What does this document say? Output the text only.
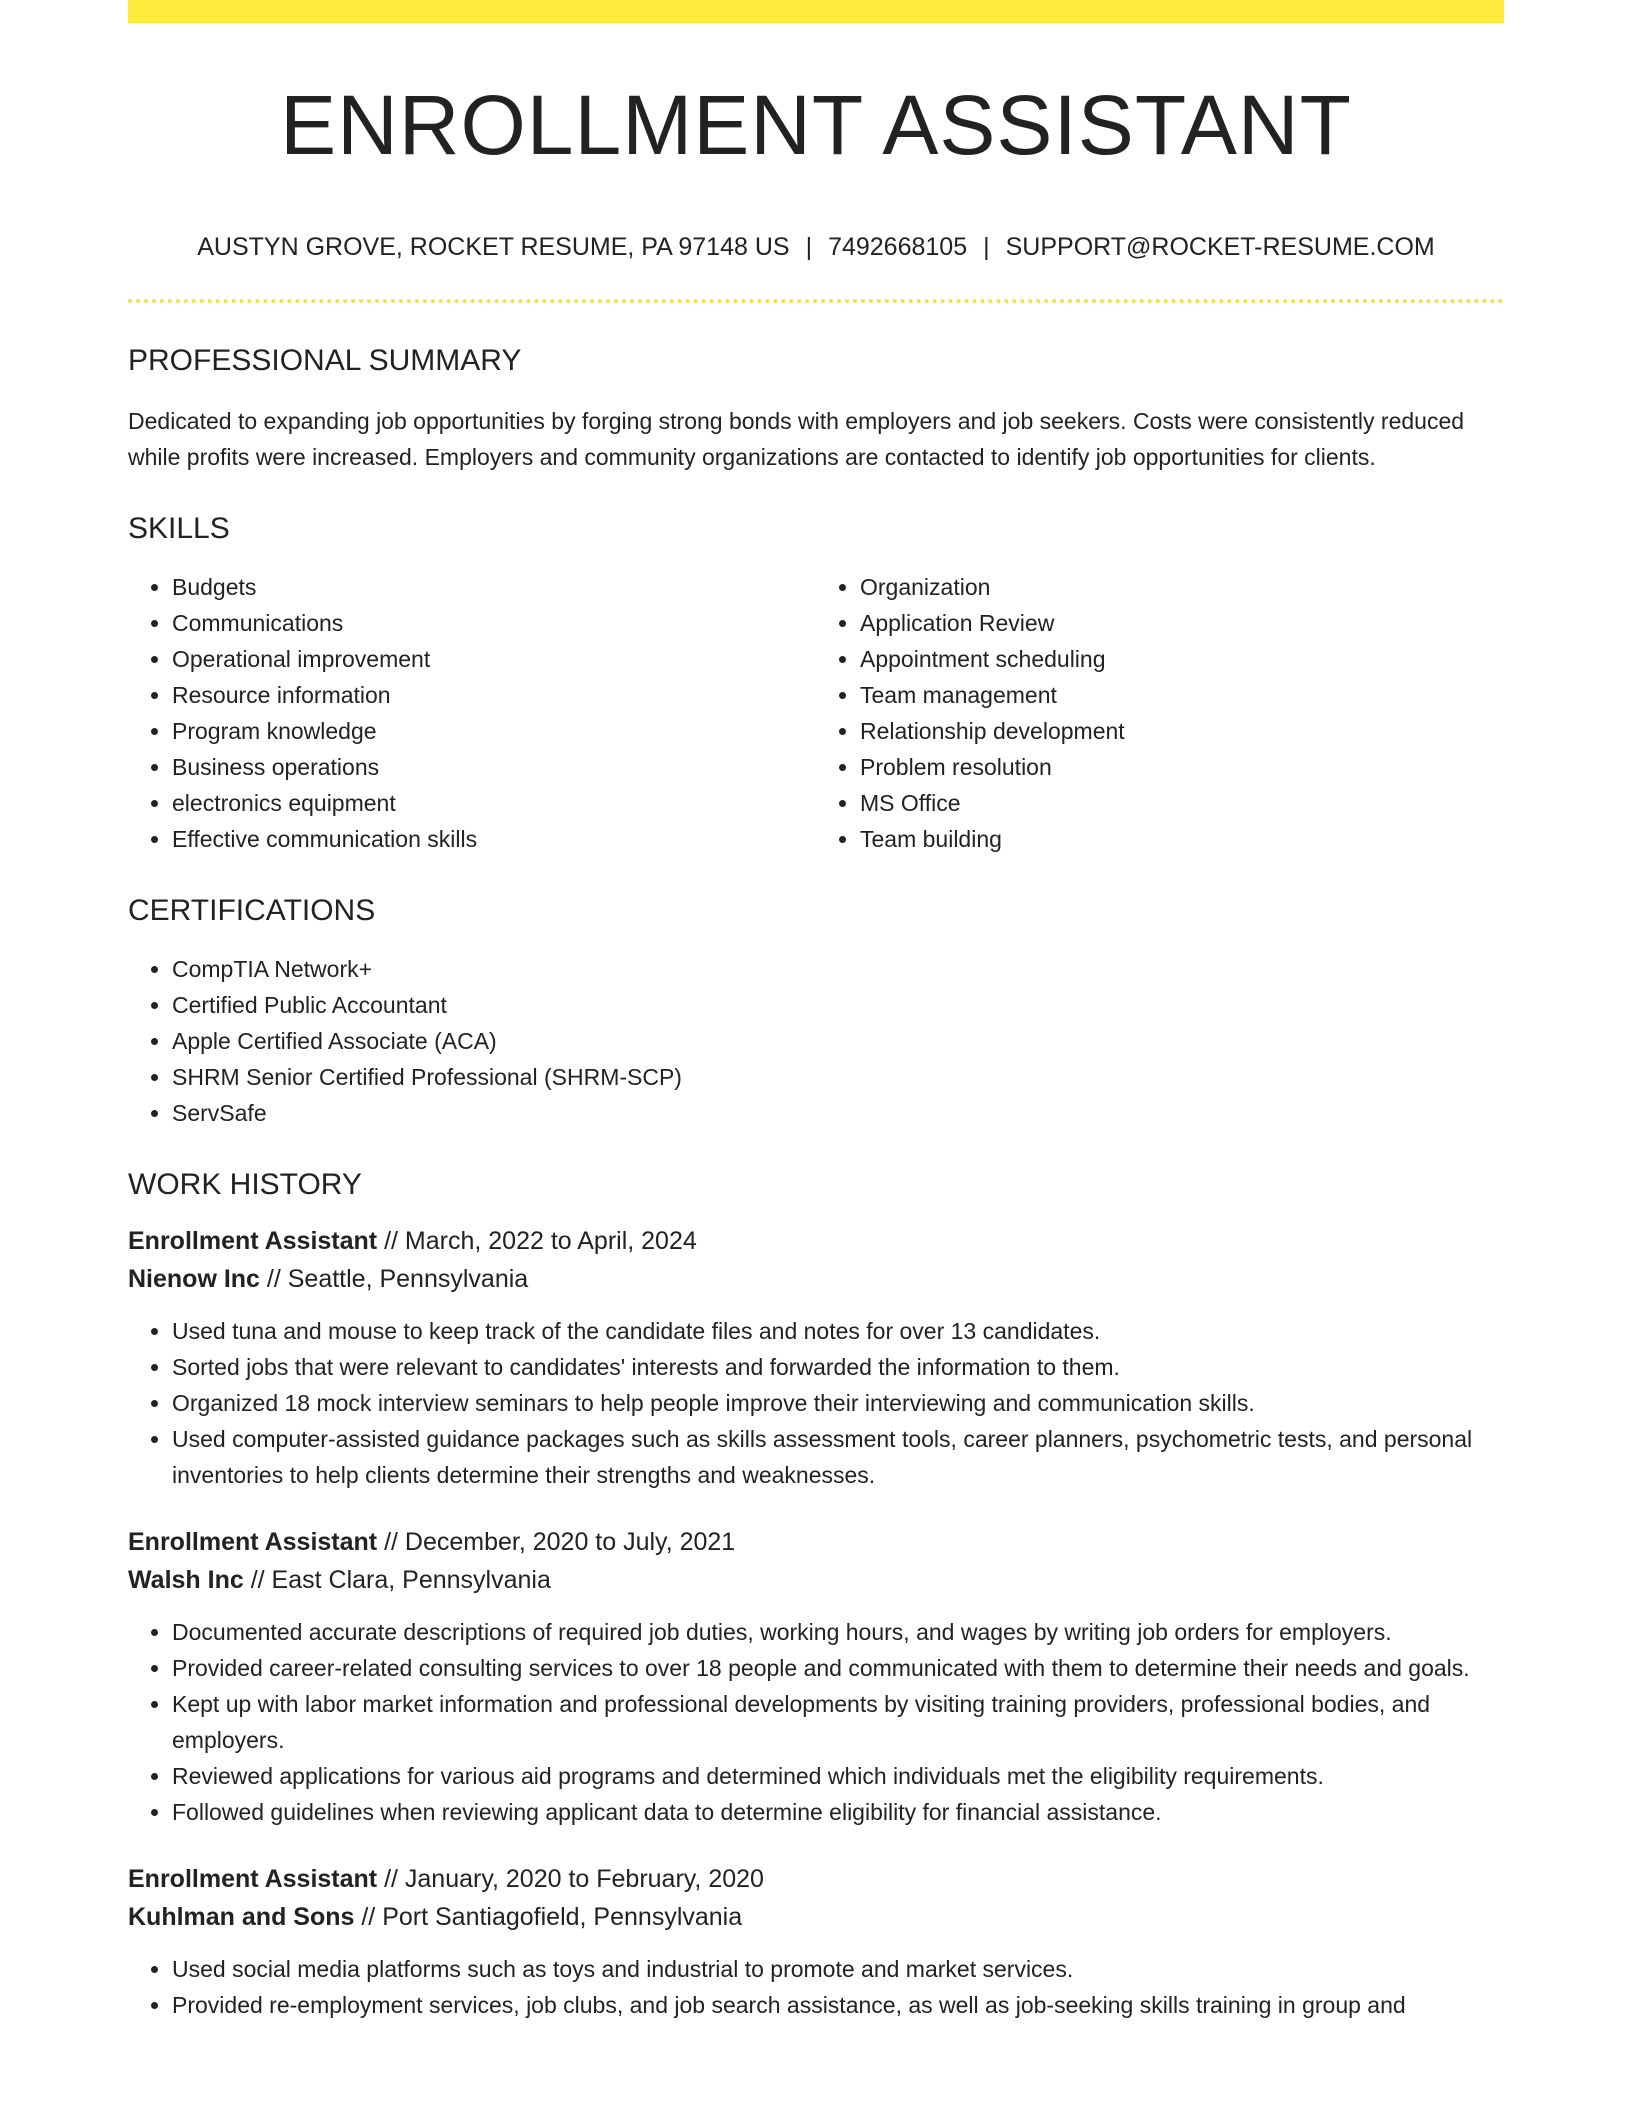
ENROLLMENT ASSISTANT
AUSTYN GROVE, ROCKET RESUME, PA 97148 US | 7492668105 | SUPPORT@ROCKET-RESUME.COM
PROFESSIONAL SUMMARY
Dedicated to expanding job opportunities by forging strong bonds with employers and job seekers. Costs were consistently reduced while profits were increased. Employers and community organizations are contacted to identify job opportunities for clients.
SKILLS
• Budgets
• Communications
• Operational improvement
• Resource information
• Program knowledge
• Business operations
• electronics equipment
• Effective communication skills
• Organization
• Application Review
• Appointment scheduling
• Team management
• Relationship development
• Problem resolution
• MS Office
• Team building
CERTIFICATIONS
• CompTIA Network+
• Certified Public Accountant
• Apple Certified Associate (ACA)
• SHRM Senior Certified Professional (SHRM-SCP)
• ServSafe
WORK HISTORY
Enrollment Assistant // March, 2022 to April, 2024
Nienow Inc // Seattle, Pennsylvania
• Used tuna and mouse to keep track of the candidate files and notes for over 13 candidates.
• Sorted jobs that were relevant to candidates' interests and forwarded the information to them.
• Organized 18 mock interview seminars to help people improve their interviewing and communication skills.
• Used computer-assisted guidance packages such as skills assessment tools, career planners, psychometric tests, and personal inventories to help clients determine their strengths and weaknesses.
Enrollment Assistant // December, 2020 to July, 2021
Walsh Inc // East Clara, Pennsylvania
• Documented accurate descriptions of required job duties, working hours, and wages by writing job orders for employers.
• Provided career-related consulting services to over 18 people and communicated with them to determine their needs and goals.
• Kept up with labor market information and professional developments by visiting training providers, professional bodies, and employers.
• Reviewed applications for various aid programs and determined which individuals met the eligibility requirements.
• Followed guidelines when reviewing applicant data to determine eligibility for financial assistance.
Enrollment Assistant // January, 2020 to February, 2020
Kuhlman and Sons // Port Santiagofield, Pennsylvania
• Used social media platforms such as toys and industrial to promote and market services.
• Provided re-employment services, job clubs, and job search assistance, as well as job-seeking skills training in group and
